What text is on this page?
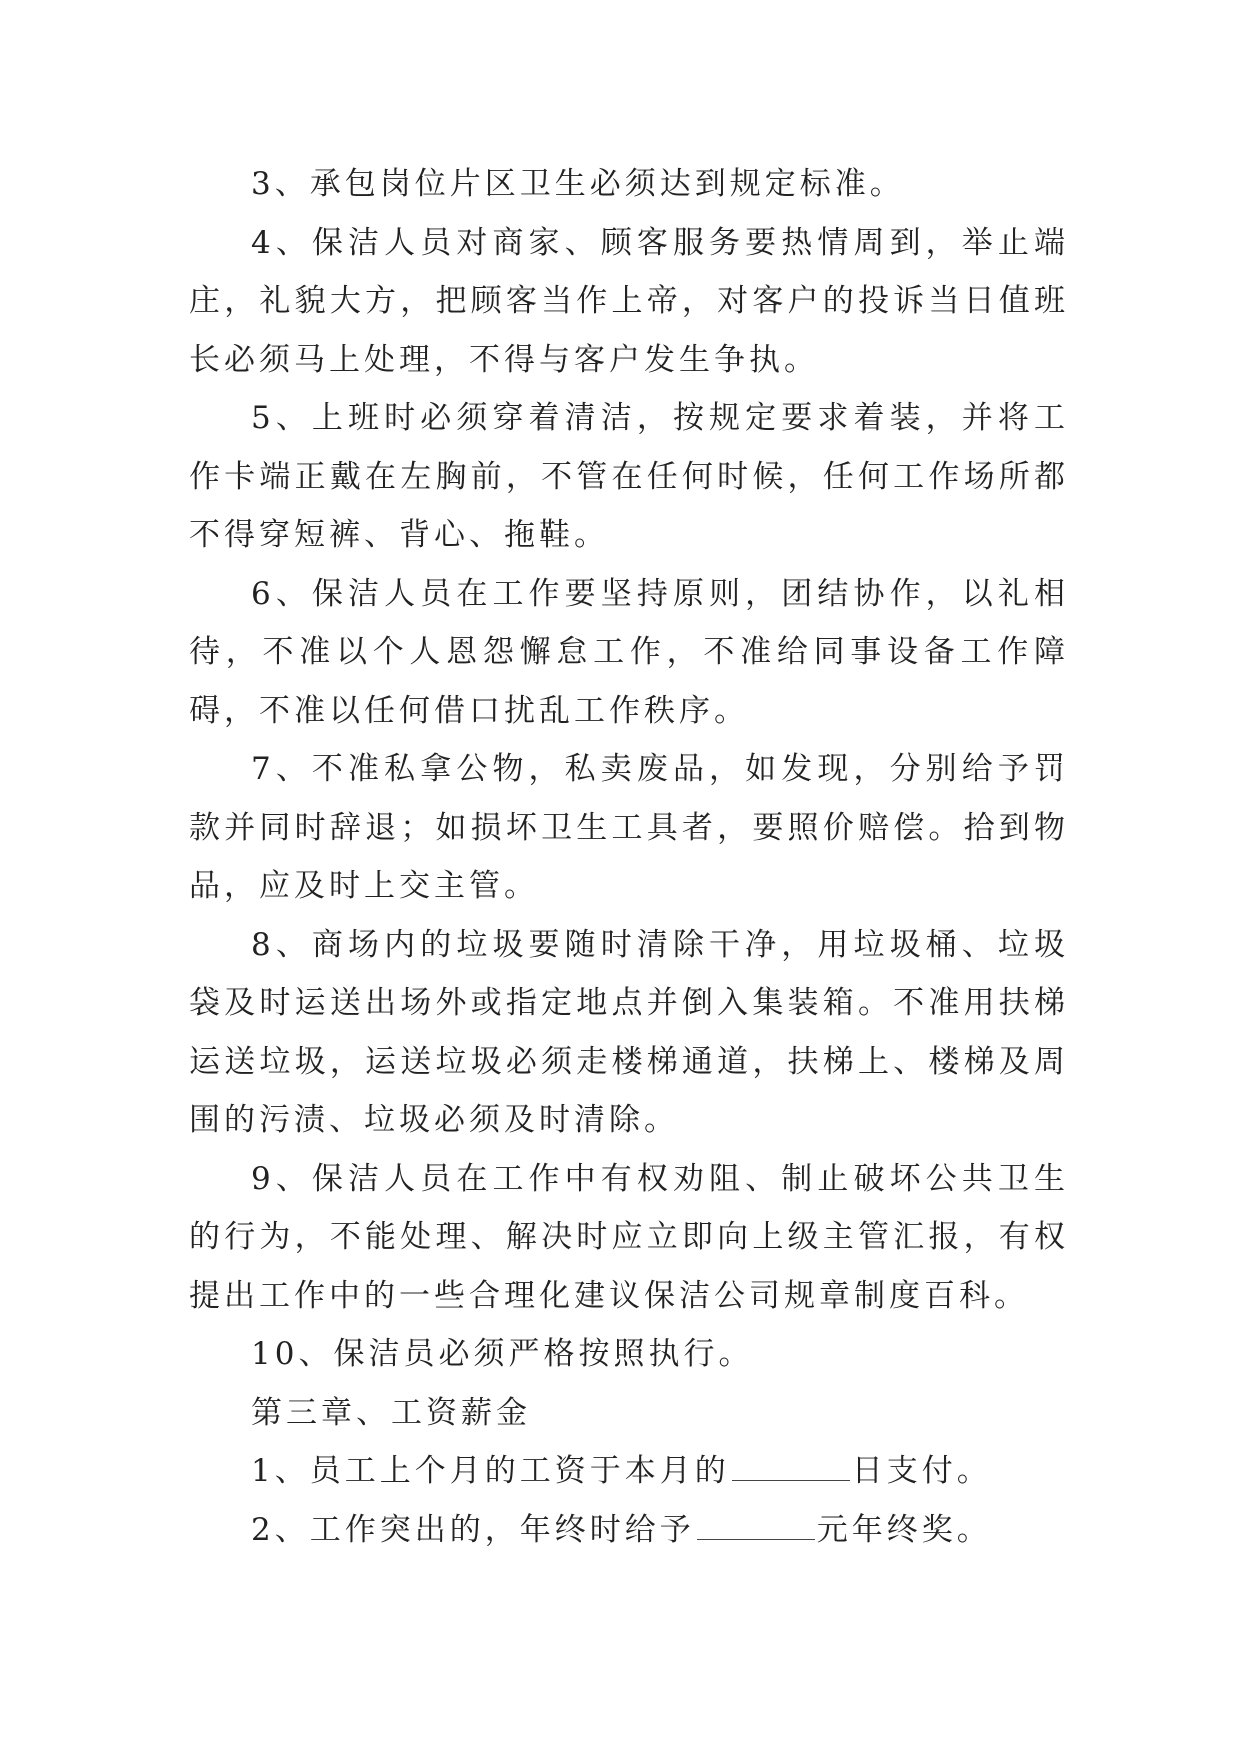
3、承包岗位片区卫生必须达到规定标准。

4、保洁人员对商家、顾客服务要热情周到，举止端庄，礼貌大方，把顾客当作上帝，对客户的投诉当日值班长必须马上处理，不得与客户发生争执。

5、上班时必须穿着清洁，按规定要求着装，并将工作卡端正戴在左胸前，不管在任何时候，任何工作场所都不得穿短裤、背心、拖鞋。

6、保洁人员在工作要坚持原则，团结协作，以礼相待，不准以个人恩怨懈怠工作，不准给同事设备工作障碍，不准以任何借口扰乱工作秩序。

7、不准私拿公物，私卖废品，如发现，分别给予罚款并同时辞退；如损坏卫生工具者，要照价赔偿。拾到物品，应及时上交主管。

8、商场内的垃圾要随时清除干净，用垃圾桶、垃圾袋及时运送出场外或指定地点并倒入集装箱。不准用扶梯运送垃圾，运送垃圾必须走楼梯通道，扶梯上、楼梯及周围的污渍、垃圾必须及时清除。

9、保洁人员在工作中有权劝阻、制止破坏公共卫生的行为，不能处理、解决时应立即向上级主管汇报，有权提出工作中的一些合理化建议保洁公司规章制度百科。

10、保洁员必须严格按照执行。

第三章、工资薪金

1、员工上个月的工资于本月的	日支付。

2、工作突出的，年终时给予	元年终奖。
